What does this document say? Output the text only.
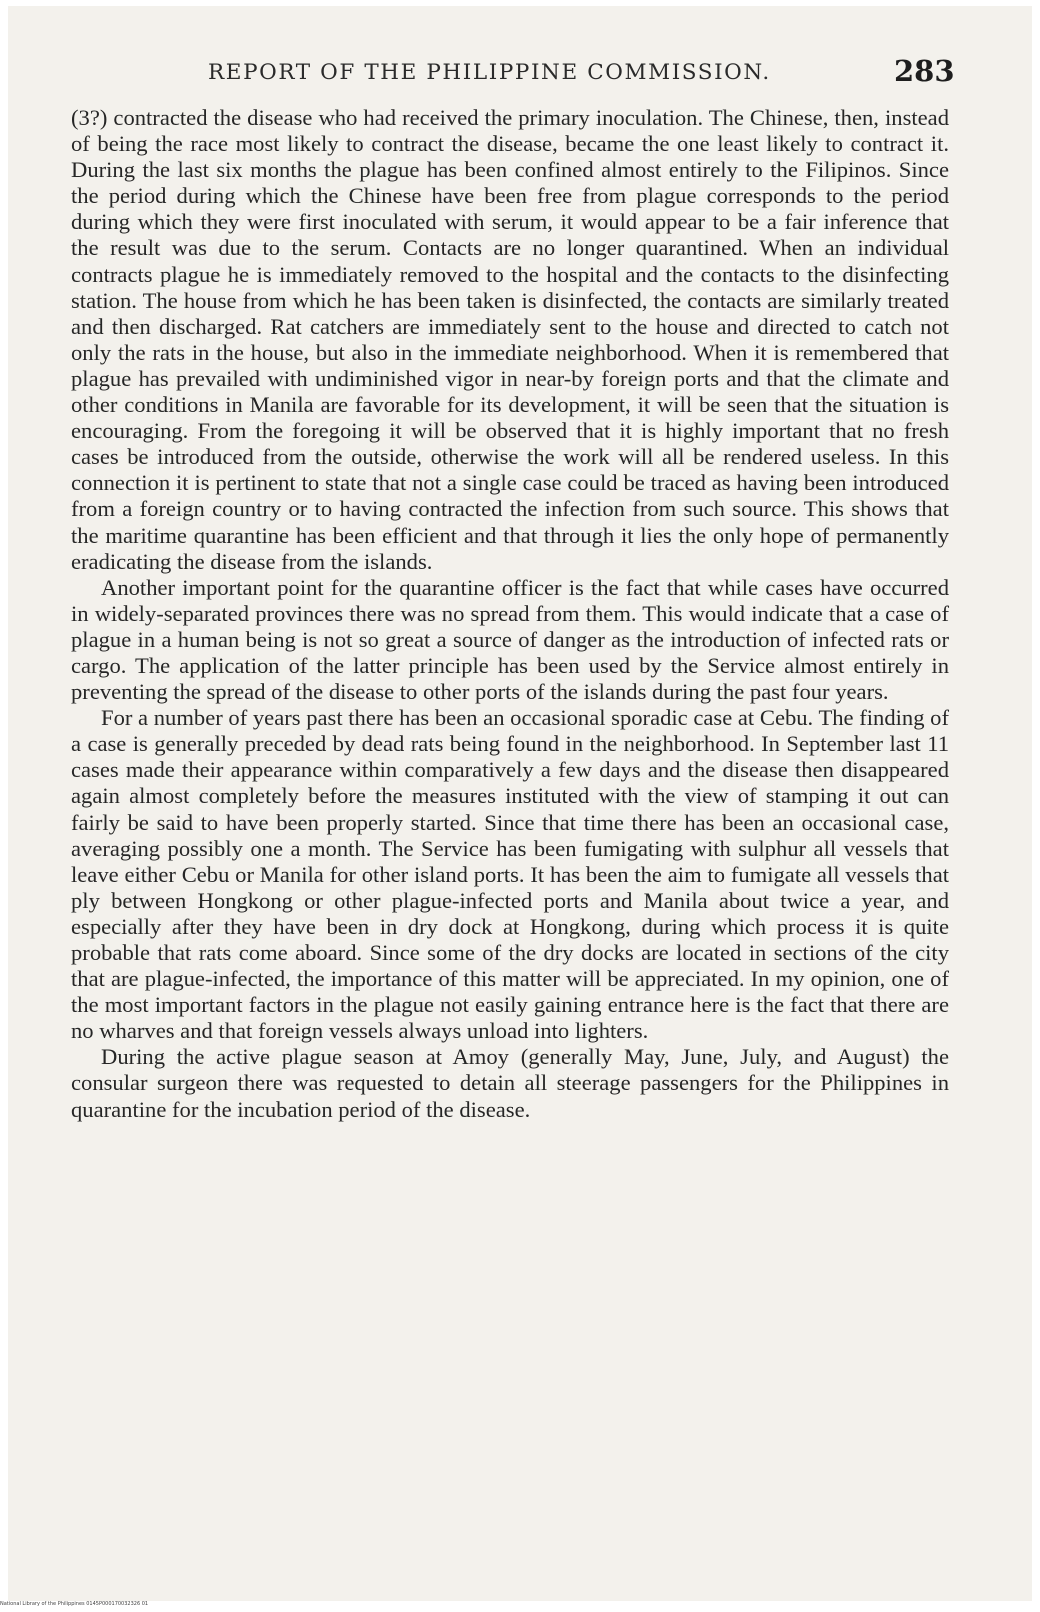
REPORT OF THE PHILIPPINE COMMISSION.	283

(3?) contracted the disease who had received the primary inoculation. The Chinese, then, instead of being the race most likely to contract the disease, became the one least likely to contract it. During the last six months the plague has been confined almost entirely to the Filipinos. Since the period during which the Chinese have been free from plague corresponds to the period during which they were first inoculated with serum, it would appear to be a fair inference that the result was due to the serum. Contacts are no longer quarantined. When an individual contracts plague he is immediately removed to the hospital and the contacts to the disinfecting station. The house from which he has been taken is disinfected, the contacts are similarly treated and then discharged. Rat catchers are immediately sent to the house and directed to catch not only the rats in the house, but also in the immediate neighborhood. When it is remembered that plague has prevailed with undiminished vigor in near-by foreign ports and that the climate and other conditions in Manila are favorable for its development, it will be seen that the situation is encouraging. From the foregoing it will be observed that it is highly important that no fresh cases be introduced from the outside, otherwise the work will all be rendered useless. In this connection it is pertinent to state that not a single case could be traced as having been introduced from a foreign country or to having contracted the infection from such source. This shows that the maritime quarantine has been efficient and that through it lies the only hope of permanently eradicating the disease from the islands.

Another important point for the quarantine officer is the fact that while cases have occurred in widely-separated provinces there was no spread from them. This would indicate that a case of plague in a human being is not so great a source of danger as the introduction of infected rats or cargo. The application of the latter principle has been used by the Service almost entirely in preventing the spread of the disease to other ports of the islands during the past four years.

For a number of years past there has been an occasional sporadic case at Cebu. The finding of a case is generally preceded by dead rats being found in the neighborhood. In September last 11 cases made their appearance within comparatively a few days and the disease then disappeared again almost completely before the measures instituted with the view of stamping it out can fairly be said to have been properly started. Since that time there has been an occasional case, averaging possibly one a month. The Service has been fumigating with sulphur all vessels that leave either Cebu or Manila for other island ports. It has been the aim to fumigate all vessels that ply between Hongkong or other plague-infected ports and Manila about twice a year, and especially after they have been in dry dock at Hongkong, during which process it is quite probable that rats come aboard. Since some of the dry docks are located in sections of the city that are plague-infected, the importance of this matter will be appreciated. In my opinion, one of the most important factors in the plague not easily gaining entrance here is the fact that there are no wharves and that foreign vessels always unload into lighters.

During the active plague season at Amoy (generally May, June, July, and August) the consular surgeon there was requested to detain all steerage passengers for the Philippines in quarantine for the incubation period of the disease.

National Library of the Philippines 0145P000170032326 01
